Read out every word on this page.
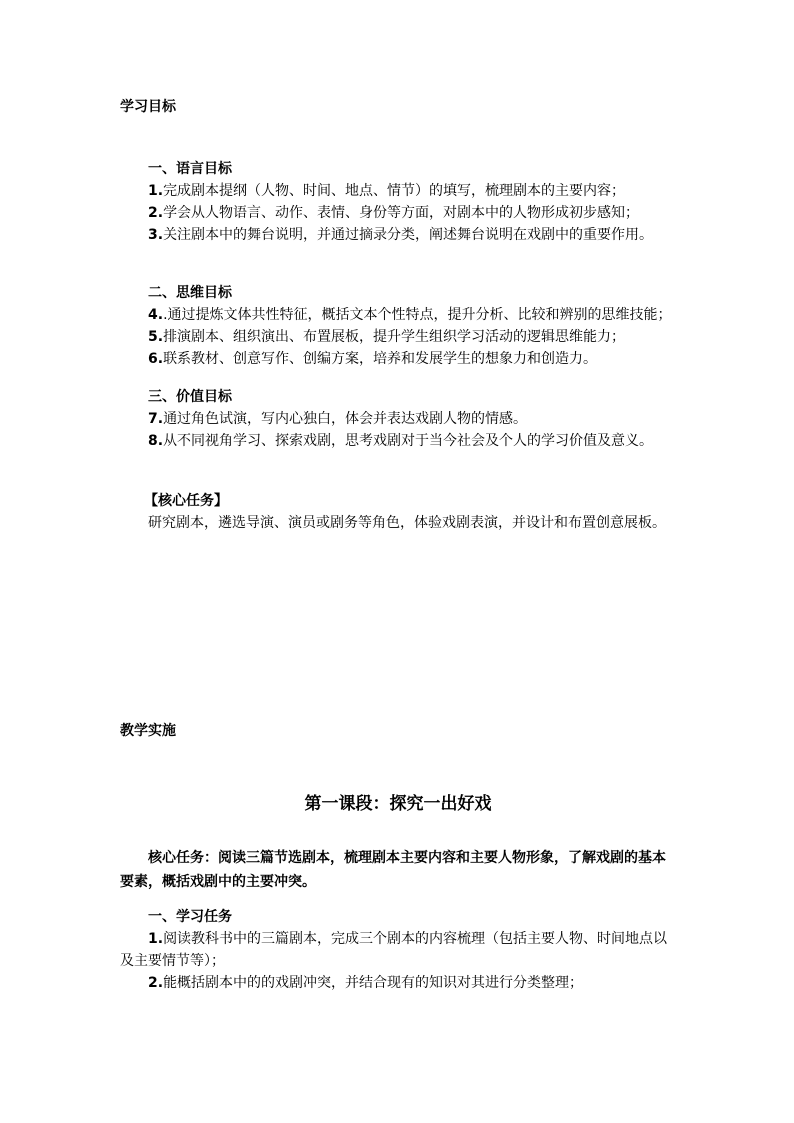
学习目标
一、语言目标
1.完成剧本提纲（人物、时间、地点、情节）的填写，梳理剧本的主要内容；
2.学会从人物语言、动作、表情、身份等方面，对剧本中的人物形成初步感知；
3.关注剧本中的舞台说明，并通过摘录分类，阐述舞台说明在戏剧中的重要作用。
二、思维目标
4..通过提炼文体共性特征，概括文本个性特点，提升分析、比较和辨别的思维技能；
5.排演剧本、组织演出、布置展板，提升学生组织学习活动的逻辑思维能力；
6.联系教材、创意写作、创编方案，培养和发展学生的想象力和创造力。
三、价值目标
7.通过角色试演，写内心独白，体会并表达戏剧人物的情感。
8.从不同视角学习、探索戏剧，思考戏剧对于当今社会及个人的学习价值及意义。
【核心任务】
研究剧本，遴选导演、演员或剧务等角色，体验戏剧表演，并设计和布置创意展板。
教学实施
第一课段：探究一出好戏
核心任务：阅读三篇节选剧本，梳理剧本主要内容和主要人物形象，了解戏剧的基本要素，概括戏剧中的主要冲突。
一、学习任务
1.阅读教科书中的三篇剧本，完成三个剧本的内容梳理（包括主要人物、时间地点以及主要情节等）；
2.能概括剧本中的的戏剧冲突，并结合现有的知识对其进行分类整理；
